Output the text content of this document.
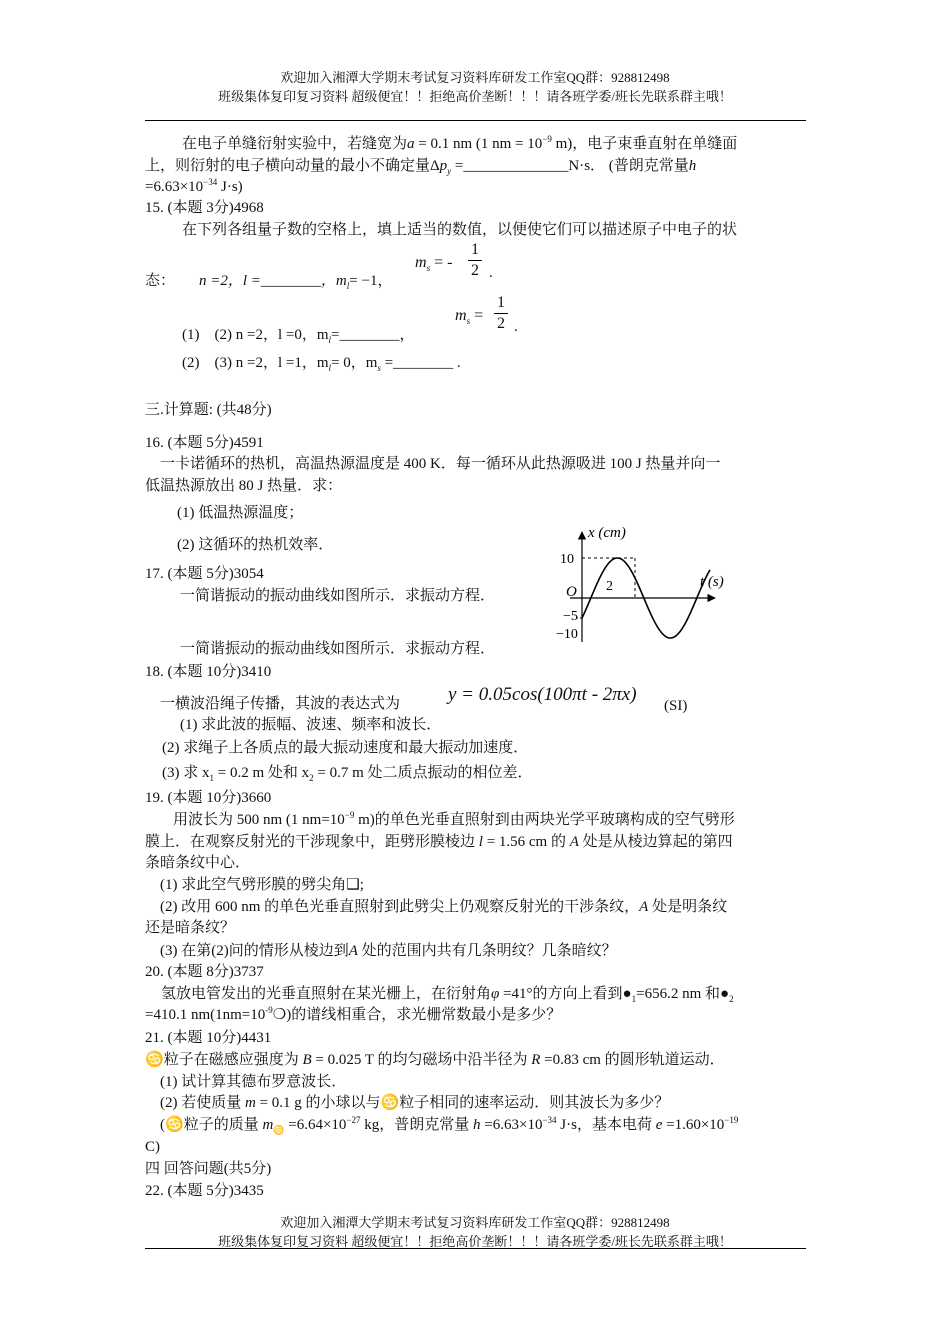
欢迎加入湘潭大学期末考试复习资料库研发工作室QQ群：928812498
班级集体复印复习资料 超级便宜！！拒绝高价垄断！！！请各班学委/班长先联系群主哦！
在电子单缝衍射实验中，若缝宽为a = 0.1 nm (1 nm = $10^{-9}$ m)，电子束垂直射在单缝面
上，则衍射的电子横向动量的最小不确定量$\Delta p_y$ =______________N·s． (普朗克常量h
$=6.63\times 10^{-34}$ J·s)
15. (本题 3分)4968
在下列各组量子数的空格上，填上适当的数值，以便使它们可以描述原子中电子的状
态： n =2，l =________，$m_l= -1$，
$m_s$ = - $\frac{1}{2}$ .
(1) (2) n =2，l =0，$m_l=\_\_\_\_\_\_\_\_$，
$m_s = \frac{1}{2}$ .
(2) (3) n =2，l =1，$m_l= 0$，$m_s$ =________ .
三.计算题: (共48分)
16. (本题 5分)4591
一卡诺循环的热机，高温热源温度是 400 K．每一循环从此热源吸进 100 J 热量并向一
低温热源放出 80 J 热量．求：
(1) 低温热源温度；
(2) 这循环的热机效率．
17. (本题 5分)3054
一简谐振动的振动曲线如图所示．求振动方程．
一简谐振动的振动曲线如图所示．求振动方程．
x (cm)
t (s)
O
10
−5
−10
2
18. (本题 10分)3410
一横波沿绳子传播，其波的表达式为	y = 0.05cos(100πt - 2πx)
(SI)
(1) 求此波的振幅、波速、频率和波长．
(2) 求绳子上各质点的最大振动速度和最大振动加速度．
(3) 求 $x_1 = 0.2$ m 处和 $x_2 = 0.7$ m 处二质点振动的相位差．
19. (本题 10分)3660
用波长为 500 nm (1 $nm=10^{-9}$ m)的单色光垂直照射到由两块光学平玻璃构成的空气劈形
膜上．在观察反射光的干涉现象中，距劈形膜棱边 l = 1.56 cm 的 A 处是从棱边算起的第四
条暗条纹中心．
(1) 求此空气劈形膜的劈尖角❑;
(2) 改用 600 nm 的单色光垂直照射到此劈尖上仍观察反射光的干涉条纹，A 处是明条纹
还是暗条纹？
(3) 在第(2)问的情形从棱边到A 处的范围内共有几条明纹？几条暗纹？
20. (本题 8分)3737
氢放电管发出的光垂直照射在某光栅上，在衍射角φ =41°的方向上看到$●_1=656.2$ nm 和$●_2$
=410.1 $nm(1nm=10^{-9}❍)$的谱线相重合，求光栅常数最小是多少？
21. (本题 10分)4431
♋粒子在磁感应强度为 B = 0.025 T 的均匀磁场中沿半径为 R =0.83 cm 的圆形轨道运动．
(1) 试计算其德布罗意波长．
(2) 若使质量 m = 0.1 g 的小球以与♋粒子相同的速率运动．则其波长为多少？
(♋粒子的质量 $m_♋ =6.64\times 10^{-27}$ kg，普朗克常量 $h =6.63\times 10^{-34}$ J·s，基本电荷 $e =1.60\times 10^{-19}$
C)
四 回答问题(共5分)
22. (本题 5分)3435
欢迎加入湘潭大学期末考试复习资料库研发工作室QQ群：928812498
班级集体复印复习资料 超级便宜！！拒绝高价垄断！！！请各班学委/班长先联系群主哦！
